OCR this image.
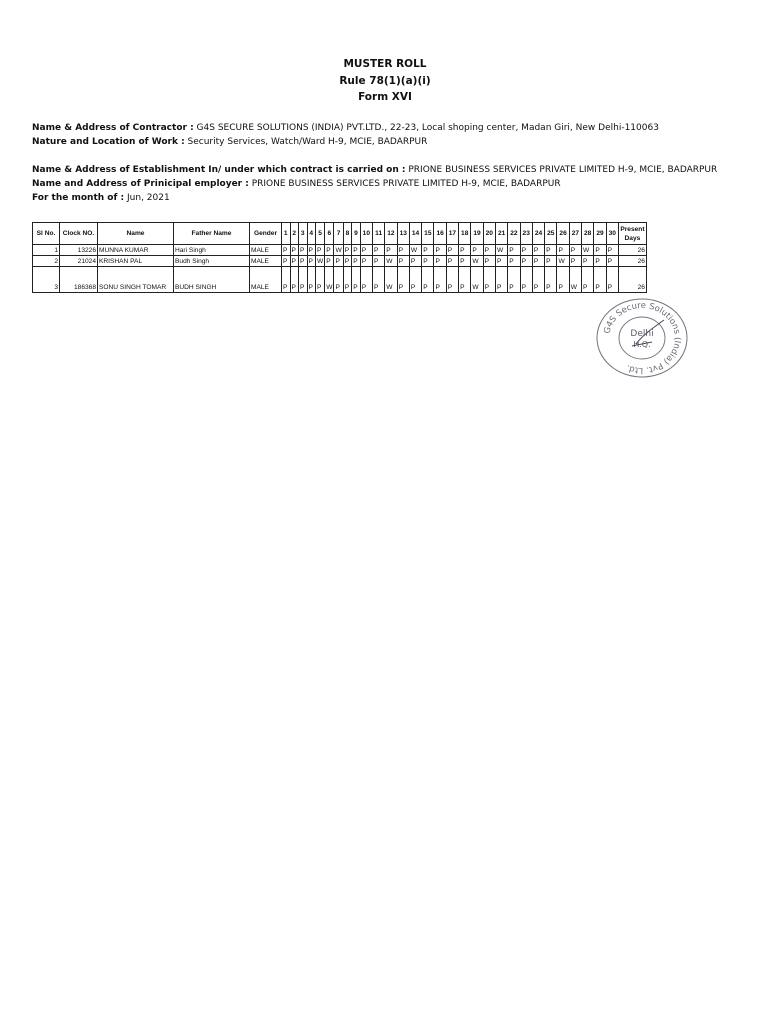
MUSTER ROLL
Rule 78(1)(a)(i)
Form XVI
Name & Address of Contractor : G4S SECURE SOLUTIONS (INDIA) PVT.LTD., 22-23, Local shoping center, Madan Giri, New Delhi-110063
Nature and Location of Work : Security Services, Watch/Ward H-9, MCIE, BADARPUR
Name & Address of Establishment In/ under which contract is carried on : PRIONE BUSINESS SERVICES PRIVATE LIMITED H-9, MCIE, BADARPUR
Name and Address of Prinicipal employer : PRIONE BUSINESS SERVICES PRIVATE LIMITED H-9, MCIE, BADARPUR
For the month of : Jun, 2021
Sl No.	Clock NO.	Name	Father Name	Gender	1	2	3	4	5	6	7	8	9	10	11	12	13	14	15	16	17	18	19	20	21	22	23	24	25	26	27	28	29	30	Present
Days

1	13226	MUNNA KUMAR	Hari Singh	MALE	P	P	P	P	P	P	W	P	P	P	P	P	P	W	P	P	P	P	P	P	W	P	P	P	P	P	P	W	P	P	26
2	21024	KRISHAN PAL	Budh Singh	MALE	P	P	P	P	W	P	P	P	P	P	P	W	P	P	P	P	P	P	W	P	P	P	P	P	P	W	P	P	P	P	26
3	186368	SONU SINGH TOMAR	BUDH SINGH	MALE	P	P	P	P	P	W	P	P	P	P	P	W	P	P	P	P	P	P	W	P	P	P	P	P	P	P	W	P	P	P	26
G4S Secure Solutions (India) Pvt. Ltd.
Delhi
H.Q.
